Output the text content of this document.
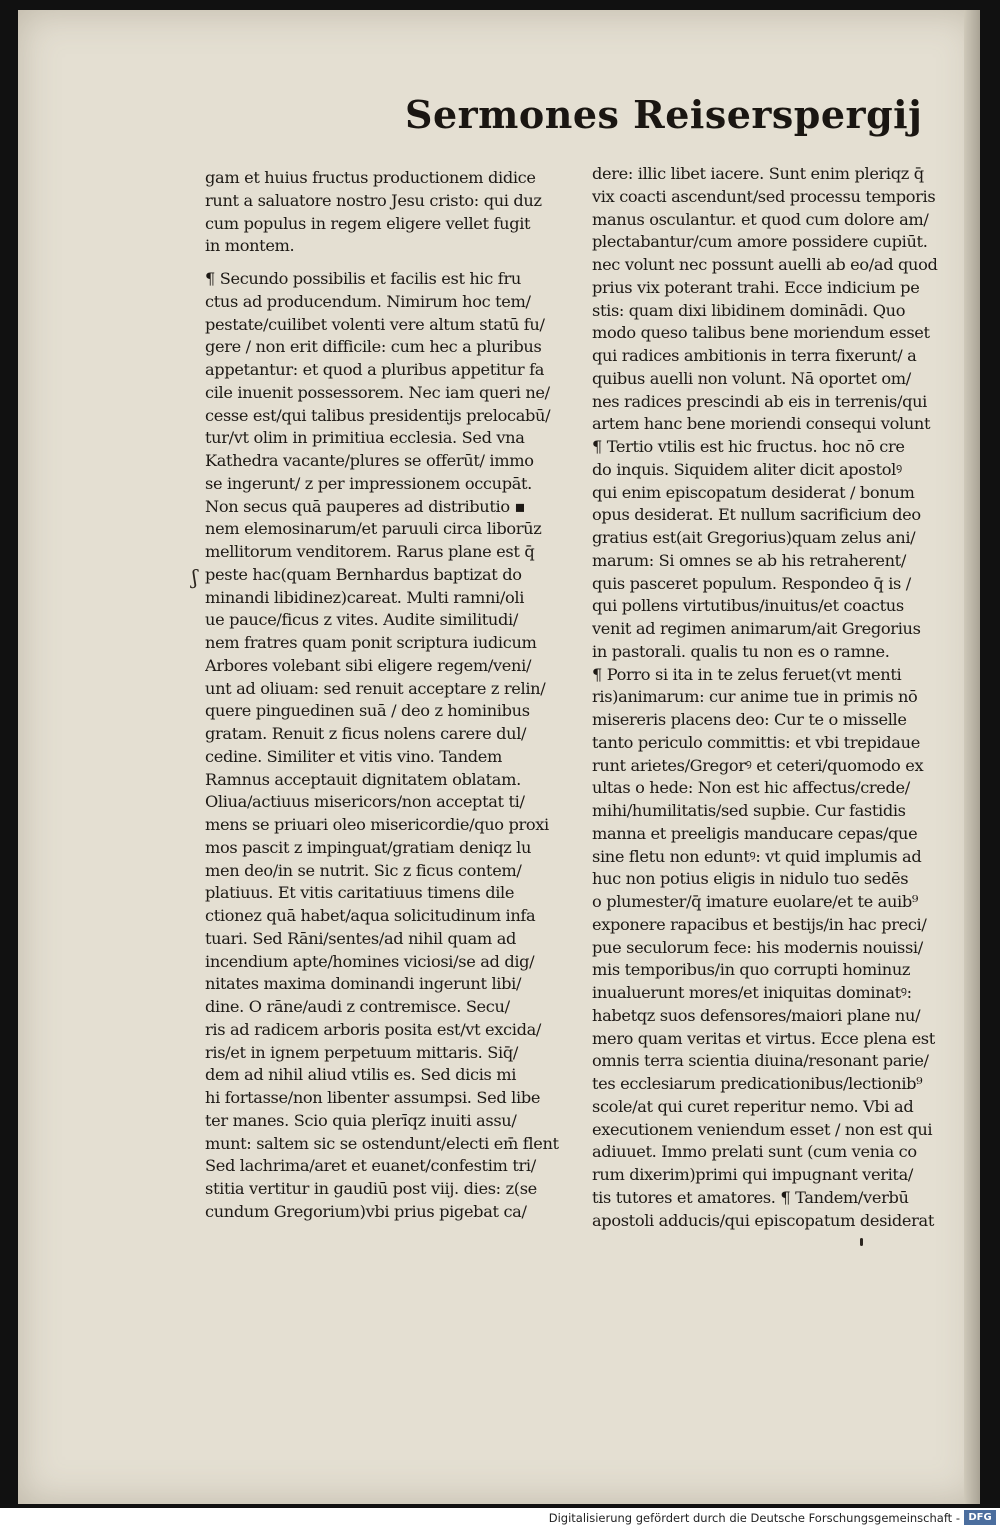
Sermones Reiserspergij
ʃ
gam et huius fructus productionem didice
runt a saluatore nostro Jesu cristo: qui duz
cum populus in regem eligere vellet fugit
in montem.
¶ Secundo possibilis et facilis est hic fru
ctus ad producendum. Nimirum hoc tem/
pestate/cuilibet volenti vere altum statū fu/
gere / non erit difficile: cum hec a pluribus
appetantur: et quod a pluribus appetitur fa
cile inuenit possessorem. Nec iam queri ne/
cesse est/qui talibus presidentijs prelocabū/
tur/vt olim in primitiua ecclesia. Sed vna
Kathedra vacante/plures se offerūt/ immo
se ingerunt/ z per impressionem occupāt.
Non secus quā pauperes ad distributio ▪
nem elemosinarum/et paruuli circa liborūz
mellitorum venditorem. Rarus plane est q̄
peste hac(quam Bernhardus baptizat do
minandi libidinez)careat. Multi ramni/oli
ue pauce/ficus z vites. Audite similitudi/
nem fratres quam ponit scriptura iudicum
Arbores volebant sibi eligere regem/veni/
unt ad oliuam: sed renuit acceptare z relin/
quere pinguedinen suā / deo z hominibus
gratam. Renuit z ficus nolens carere dul/
cedine. Similiter et vitis vino. Tandem
Ramnus acceptauit dignitatem oblatam.
Oliua/actiuus misericors/non acceptat ti/
mens se priuari oleo misericordie/quo proxi
mos pascit z impinguat/gratiam deniqz lu
men deo/in se nutrit. Sic z ficus contem/
platiuus. Et vitis caritatiuus timens dile
ctionez quā habet/aqua solicitudinum infa
tuari. Sed Rāni/sentes/ad nihil quam ad
incendium apte/homines viciosi/se ad dig/
nitates maxima dominandi ingerunt libi/
dine. O rāne/audi z contremisce. Secu/
ris ad radicem arboris posita est/vt excida/
ris/et in ignem perpetuum mittaris. Siq̄/
dem ad nihil aliud vtilis es. Sed dicis mi
hi fortasse/non libenter assumpsi. Sed libe
ter manes. Scio quia plerīqz inuiti assu/
munt: saltem sic se ostendunt/electi em̄ flent
Sed lachrima/aret et euanet/confestim tri/
stitia vertitur in gaudiū post viij. dies: z(se
cundum Gregorium)vbi prius pigebat ca/
dere: illic libet iacere. Sunt enim pleriqz q̄
vix coacti ascendunt/sed processu temporis
manus osculantur. et quod cum dolore am/
plectabantur/cum amore possidere cupiūt.
nec volunt nec possunt auelli ab eo/ad quod
prius vix poterant trahi. Ecce indicium pe
stis: quam dixi libidinem dominādi. Quo
modo queso talibus bene moriendum esset
qui radices ambitionis in terra fixerunt/ a
quibus auelli non volunt. Nā oportet om/
nes radices prescindi ab eis in terrenis/qui
artem hanc bene moriendi consequi volunt
¶ Tertio vtilis est hic fructus. hoc nō cre
do inquis. Siquidem aliter dicit apostolꝰ
qui enim episcopatum desiderat / bonum
opus desiderat. Et nullum sacrificium deo
gratius est(ait Gregorius)quam zelus ani/
marum: Si omnes se ab his retraherent/
quis pasceret populum. Respondeo q̄ is /
qui pollens virtutibus/inuitus/et coactus
venit ad regimen animarum/ait Gregorius
in pastorali. qualis tu non es o ramne.
¶ Porro si ita in te zelus feruet(vt menti
ris)animarum: cur anime tue in primis nō
misereris placens deo: Cur te o misselle
tanto periculo committis: et vbi trepidaue
runt arietes/Gregorꝰ et ceteri/quomodo ex
ultas o hede: Non est hic affectus/crede/
mihi/humilitatis/sed supbie. Cur fastidis
manna et preeligis manducare cepas/que
sine fletu non eduntꝰ: vt quid implumis ad
huc non potius eligis in nidulo tuo sedēs
o plumester/q̄ imature euolare/et te auib⁹
exponere rapacibus et bestijs/in hac preci/
pue seculorum fece: his modernis nouissi/
mis temporibus/in quo corrupti hominuz
inualuerunt mores/et iniquitas dominatꝰ:
habetqz suos defensores/maiori plane nu/
mero quam veritas et virtus. Ecce plena est
omnis terra scientia diuina/resonant parie/
tes ecclesiarum predicationibus/lectionib⁹
scole/at qui curet reperitur nemo. Vbi ad
executionem veniendum esset / non est qui
adiuuet. Immo prelati sunt (cum venia co
rum dixerim)primi qui impugnant verita/
tis tutores et amatores. ¶ Tandem/verbū
apostoli adducis/qui episcopatum desiderat
Digitalisierung gefördert durch die Deutsche Forschungsgemeinschaft - DFG
